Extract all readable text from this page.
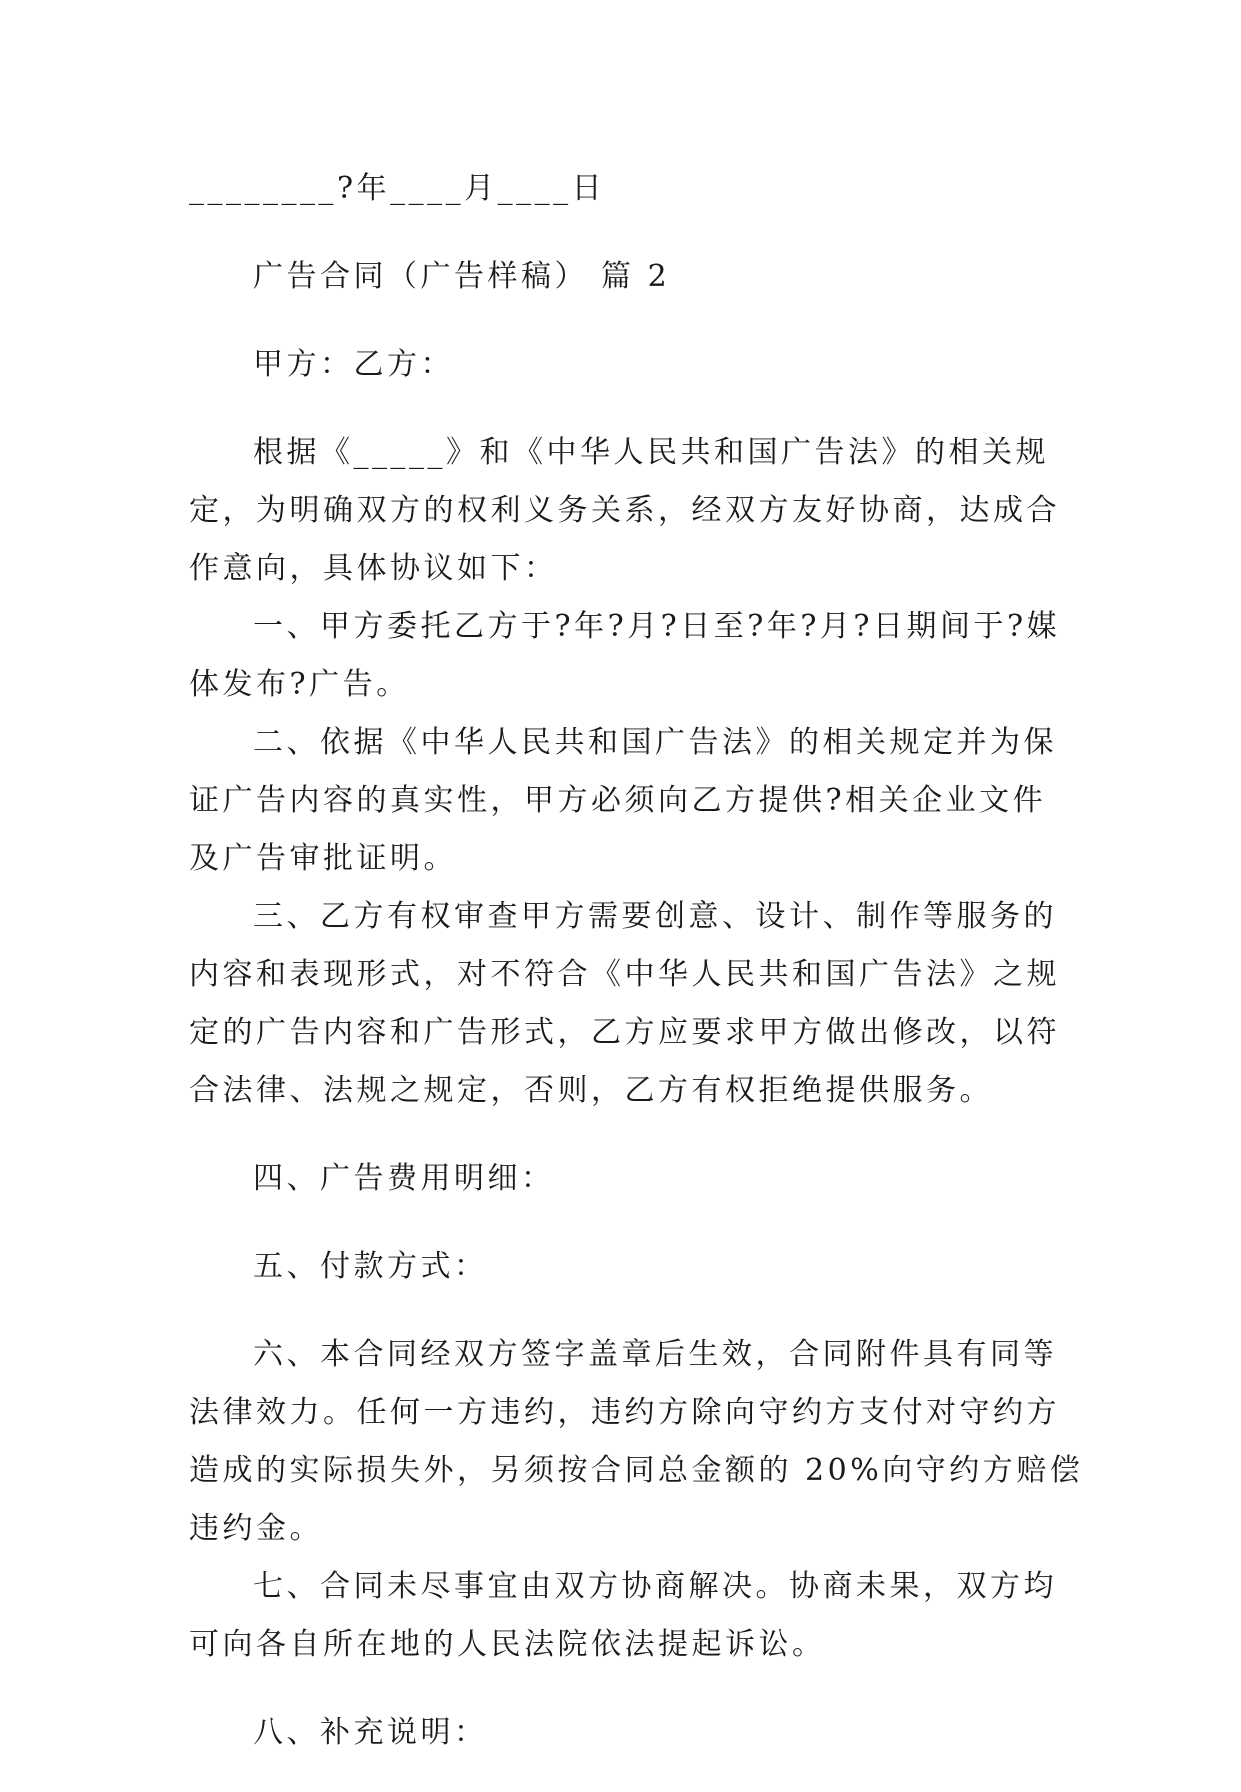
________?年____月____日

广告合同（广告样稿） 篇 2

甲方：乙方：

根据《_____》和《中华人民共和国广告法》的相关规

定，为明确双方的权利义务关系，经双方友好协商，达成合

作意向，具体协议如下：

一、甲方委托乙方于?年?月?日至?年?月?日期间于?媒

体发布?广告。

二、依据《中华人民共和国广告法》的相关规定并为保

证广告内容的真实性，甲方必须向乙方提供?相关企业文件

及广告审批证明。

三、乙方有权审查甲方需要创意、设计、制作等服务的

内容和表现形式，对不符合《中华人民共和国广告法》之规

定的广告内容和广告形式，乙方应要求甲方做出修改，以符

合法律、法规之规定，否则，乙方有权拒绝提供服务。

四、广告费用明细：

五、付款方式：

六、本合同经双方签字盖章后生效，合同附件具有同等

法律效力。任何一方违约，违约方除向守约方支付对守约方

造成的实际损失外，另须按合同总金额的 20%向守约方赔偿

违约金。

七、合同未尽事宜由双方协商解决。协商未果，双方均

可向各自所在地的人民法院依法提起诉讼。

八、补充说明：
